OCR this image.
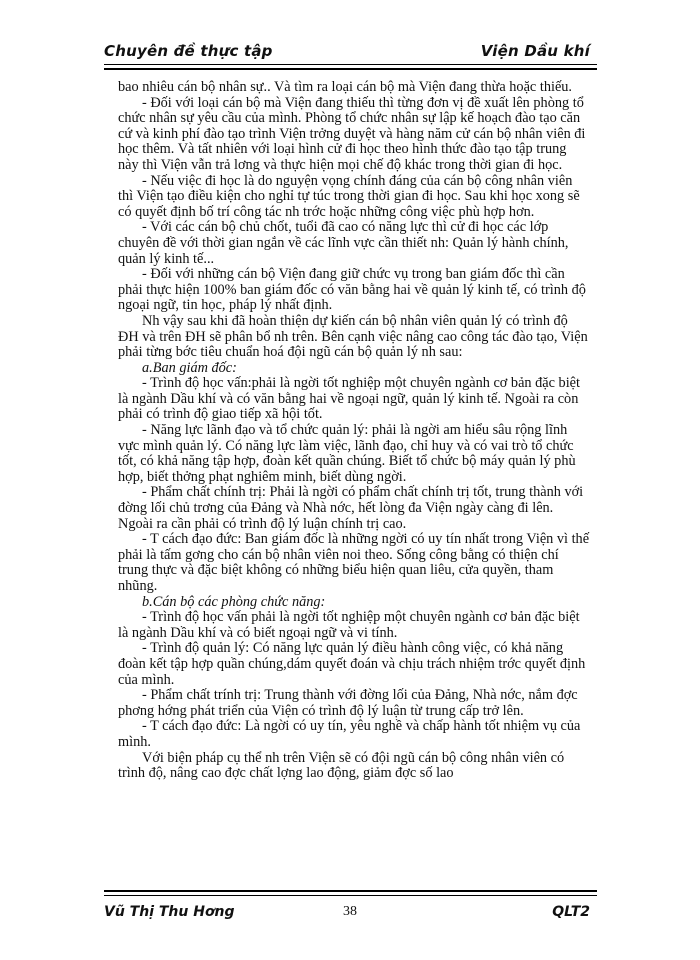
Chuyên đề thực tập	Viện Dầu khí

bao nhiêu cán bộ nhân sự.. Và tìm ra loại cán bộ mà Viện đang thừa hoặc thiếu.

- Đối với loại cán bộ mà Viện đang thiếu thì từng đơn vị đề xuất lên phòng tổ chức nhân sự yêu cầu của mình. Phòng tổ chức nhân sự lập kế hoạch đào tạo căn cứ và kinh phí đào tạo trình Viện trởng duyệt và hàng năm cử cán bộ nhân viên đi học thêm. Và tất nhiên với loại hình cử đi học theo hình thức đào tạo tập trung này thì Viện vẫn trả lơng và thực hiện mọi chế độ khác trong thời gian đi học.

- Nếu việc đi học là do nguyện vọng chính đáng của cán bộ công nhân viên thì Viện tạo điều kiện cho nghỉ tự túc trong thời gian đi học. Sau khi học xong sẽ có quyết định bố trí công tác nh trớc hoặc những công việc phù hợp hơn.

- Với các cán bộ chủ chốt, tuổi đã cao có năng lực thì cử đi học các lớp chuyên đề với thời gian ngắn về các lĩnh vực cần thiết nh: Quản lý hành chính, quản lý kinh tế...

- Đối với những cán bộ Viện đang giữ chức vụ trong ban giám đốc thì cần phải thực hiện 100% ban giám đốc có văn bằng hai về quản lý kinh tế, có trình độ ngoại ngữ, tin học, pháp lý nhất định.

Nh vậy sau khi đã hoàn thiện dự kiến cán bộ nhân viên quản lý có trình độ ĐH và trên ĐH sẽ phân bổ nh trên. Bên cạnh việc nâng cao công tác đào tạo, Viện phải từng bớc tiêu chuẩn hoá đội ngũ cán bộ quản lý nh sau:

a.Ban giám đốc:

- Trình độ học vấn:phải là ngời tốt nghiệp một chuyên ngành cơ bản đặc biệt là ngành Dầu khí và có văn bằng hai về ngoại ngữ, quản lý kinh tế. Ngoài ra còn phải có trình độ giao tiếp xã hội tốt.

- Năng lực lãnh đạo và tổ chức quản lý: phải là ngời am hiểu sâu rộng lĩnh vực mình quản lý. Có năng lực làm việc, lãnh đạo, chỉ huy và có vai trò tổ chức tốt, có khả năng tập hợp, đoàn kết quần chúng. Biết tổ chức bộ máy quản lý phù hợp, biết thởng phạt nghiêm minh, biết dùng ngời.

- Phẩm chất chính trị: Phải là ngời có phẩm chất chính trị tốt, trung thành với đờng lối chủ trơng của Đảng và Nhà nớc, hết lòng đa Viện ngày càng đi lên. Ngoài ra cần phải có trình độ lý luận chính trị cao.

- T cách đạo đức: Ban giám đốc là những ngời có uy tín nhất trong Viện vì thế phải là tấm gơng cho cán bộ nhân viên noi theo. Sống công bằng có thiện chí trung thực và đặc biệt không có những biểu hiện quan liêu, cửa quyền, tham nhũng.

b.Cán bộ các phòng chức năng:

- Trình độ học vấn phải là ngời tốt nghiệp một chuyên ngành cơ bản đặc biệt là ngành Dầu khí và có biết ngoại ngữ và vi tính.

- Trình độ quản lý: Có năng lực quản lý điều hành công việc, có khả năng đoàn kết tập hợp quần chúng,dám quyết đoán và chịu trách nhiệm trớc quyết định của mình.

- Phẩm chất trính trị: Trung thành với đờng lối của Đảng, Nhà nớc, nắm đợc phơng hớng phát triển của Viện có trình độ lý luận từ trung cấp trở lên.

- T cách đạo đức: Là ngời có uy tín, yêu nghề và chấp hành tốt nhiệm vụ của mình.

Với biện pháp cụ thể nh trên Viện sẽ có đội ngũ cán bộ công nhân viên có trình độ, nâng cao đợc chất lợng lao động, giảm đợc số lao

Vũ Thị Thu Hơng	38	QLT2
